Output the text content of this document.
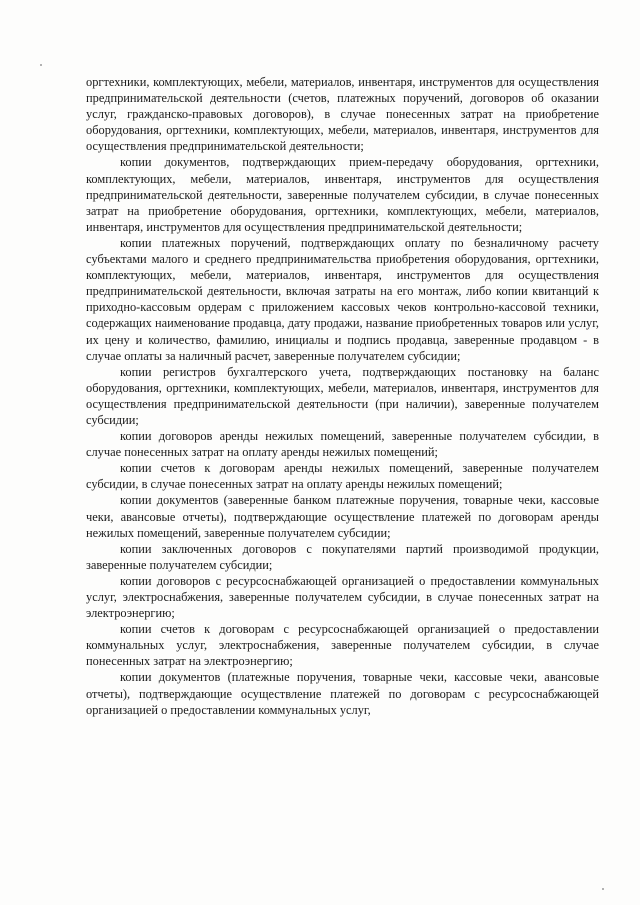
оргтехники, комплектующих, мебели, материалов, инвентаря, инструментов для осуществления предпринимательской деятельности (счетов, платежных поручений, договоров об оказании услуг, гражданско-правовых договоров), в случае понесенных затрат на приобретение оборудования, оргтехники, комплектующих, мебели, материалов, инвентаря, инструментов для осуществления предпринимательской деятельности;

копии документов, подтверждающих прием-передачу оборудования, оргтехники, комплектующих, мебели, материалов, инвентаря, инструментов для осуществления предпринимательской деятельности, заверенные получателем субсидии, в случае понесенных затрат на приобретение оборудования, оргтехники, комплектующих, мебели, материалов, инвентаря, инструментов для осуществления предпринимательской деятельности;

копии платежных поручений, подтверждающих оплату по безналичному расчету субъектами малого и среднего предпринимательства приобретения оборудования, оргтехники, комплектующих, мебели, материалов, инвентаря, инструментов для осуществления предпринимательской деятельности, включая затраты на его монтаж, либо копии квитанций к приходно-кассовым ордерам с приложением кассовых чеков контрольно-кассовой техники, содержащих наименование продавца, дату продажи, название приобретенных товаров или услуг, их цену и количество, фамилию, инициалы и подпись продавца, заверенные продавцом - в случае оплаты за наличный расчет, заверенные получателем субсидии;

копии регистров бухгалтерского учета, подтверждающих постановку на баланс оборудования, оргтехники, комплектующих, мебели, материалов, инвентаря, инструментов для осуществления предпринимательской деятельности (при наличии), заверенные получателем субсидии;

копии договоров аренды нежилых помещений, заверенные получателем субсидии, в случае понесенных затрат на оплату аренды нежилых помещений;

копии счетов к договорам аренды нежилых помещений, заверенные получателем субсидии, в случае понесенных затрат на оплату аренды нежилых помещений;

копии документов (заверенные банком платежные поручения, товарные чеки, кассовые чеки, авансовые отчеты), подтверждающие осуществление платежей по договорам аренды нежилых помещений, заверенные получателем субсидии;

копии заключенных договоров с покупателями партий производимой продукции, заверенные получателем субсидии;

копии договоров с ресурсоснабжающей организацией о предоставлении коммунальных услуг, электроснабжения, заверенные получателем субсидии, в случае понесенных затрат на электроэнергию;

копии счетов к договорам с ресурсоснабжающей организацией о предоставлении коммунальных услуг, электроснабжения, заверенные получателем субсидии, в случае понесенных затрат на электроэнергию;

копии документов (платежные поручения, товарные чеки, кассовые чеки, авансовые отчеты), подтверждающие осуществление платежей по договорам с ресурсоснабжающей организацией о предоставлении коммунальных услуг,
